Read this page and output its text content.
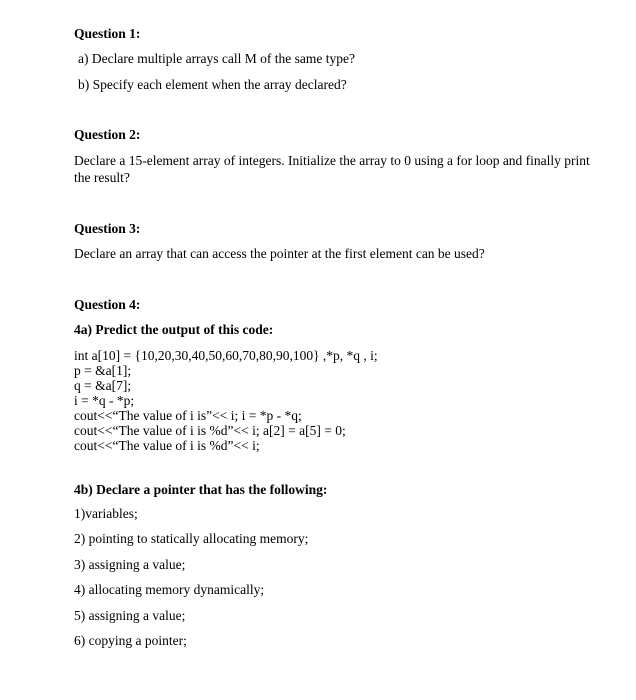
Question 1:
a) Declare multiple arrays call M of the same type?
b) Specify each element when the array declared?
Question 2:
Declare a 15-element array of integers. Initialize the array to 0 using a for loop and finally print
the result?
Question 3:
Declare an array that can access the pointer at the first element can be used?
Question 4:
4a) Predict the output of this code:
int a[10] = {10,20,30,40,50,60,70,80,90,100} ,*p, *q , i;
p = &a[1];
q = &a[7];
i = *q - *p;
cout<<“The value of i is”<< i; i = *p - *q;
cout<<“The value of i is %d”<< i; a[2] = a[5] = 0;
cout<<“The value of i is %d”<< i;
4b) Declare a pointer that has the following:
1)variables;
2) pointing to statically allocating memory;
3) assigning a value;
4) allocating memory dynamically;
5) assigning a value;
6) copying a pointer;
